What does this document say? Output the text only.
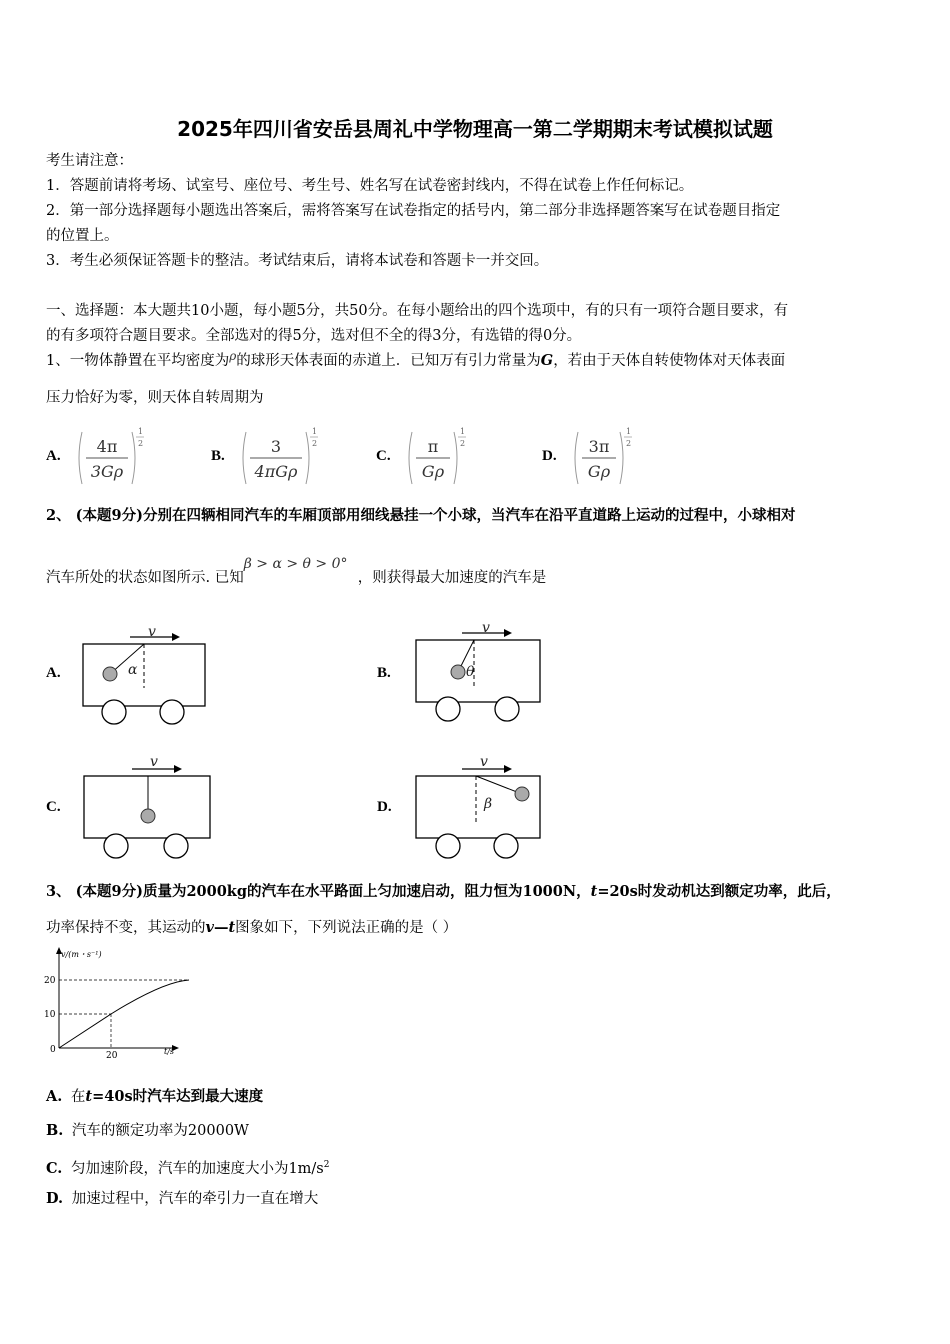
2025年四川省安岳县周礼中学物理高一第二学期期末考试模拟试题
考生请注意：
1．答题前请将考场、试室号、座位号、考生号、姓名写在试卷密封线内，不得在试卷上作任何标记。
2．第一部分选择题每小题选出答案后，需将答案写在试卷指定的括号内，第二部分非选择题答案写在试卷题目指定
的位置上。
3．考生必须保证答题卡的整洁。考试结束后，请将本试卷和答题卡一并交回。
一、选择题：本大题共10小题，每小题5分，共50分。在每小题给出的四个选项中，有的只有一项符合题目要求，有
的有多项符合题目要求。全部选对的得5分，选对但不全的得3分，有选错的得0分。
1、一物体静置在平均密度为$^\rho$的球形天体表面的赤道上．已知万有引力常量为G，若由于天体自转使物体对天体表面
压力恰好为零，则天体自转周期为
A. 4π
3Gρ
1
2
B.	3
4πGρ
1
2
C. π
Gρ
1
2
D. 3π
Gρ
1
2
2、 (本题9分)分别在四辆相同汽车的车厢顶部用细线悬挂一个小球，当汽车在沿平直道路上运动的过程中，小球相对
汽车所处的状态如图所示. 已知β > α > θ > 0°，则获得最大加速度的汽车是
A.
v
α	B.
v
θ
C.
v
D.
v
β
3、 (本题9分)质量为2000kg的汽车在水平路面上匀加速启动，阻力恒为1000N，t=20s时发动机达到额定功率，此后，
功率保持不变，其运动的v—t图象如下，下列说法正确的是（ ）
v/(m・s⁻¹)
t/s
0
20
10
20
A. 在t=40s时汽车达到最大速度
B. 汽车的额定功率为20000W
C. 匀加速阶段，汽车的加速度大小为$1m/s^2$
D. 加速过程中，汽车的牵引力一直在增大
